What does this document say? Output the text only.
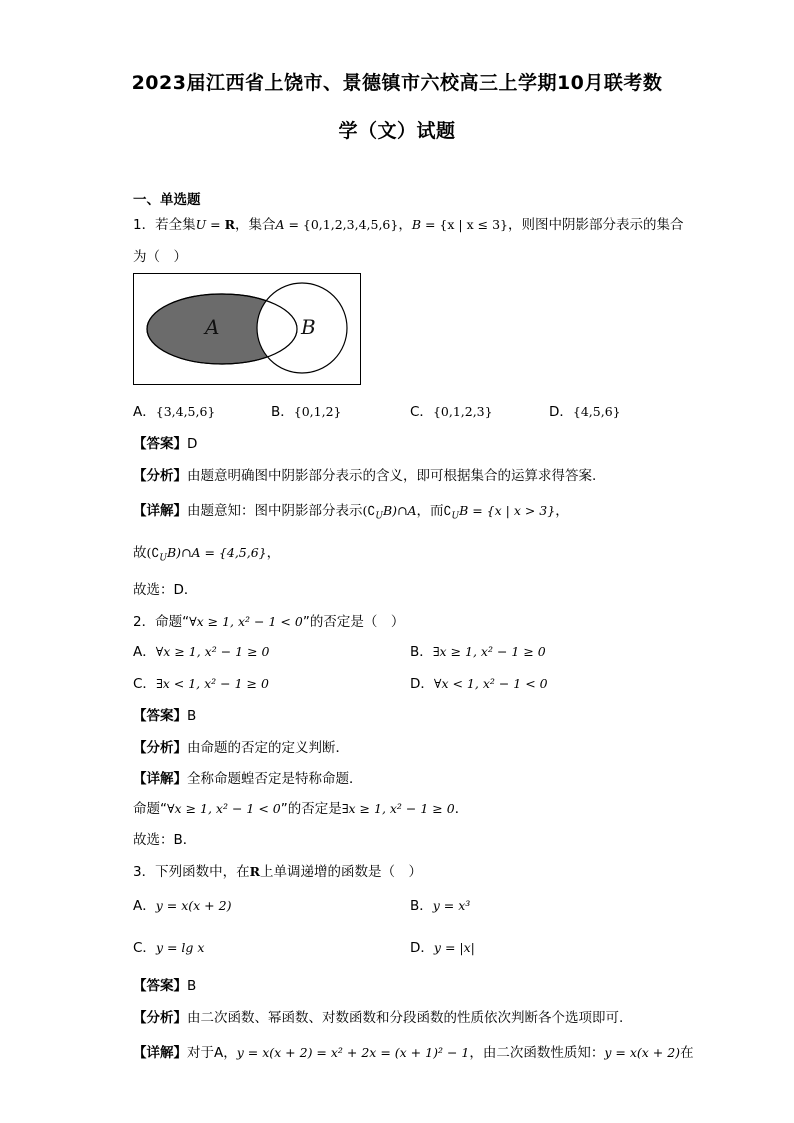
2023届江西省上饶市、景德镇市六校高三上学期10月联考数
学（文）试题
一、单选题
1．若全集U = R，集合A = {0,1,2,3,4,5,6}，B = {x | x ≤ 3}，则图中阴影部分表示的集合
为（　）
A	B
A．{3,4,5,6}	B．{0,1,2}	C．{0,1,2,3}	D．{4,5,6}
【答案】D
【分析】由题意明确图中阴影部分表示的含义，即可根据集合的运算求得答案.
【详解】由题意知：图中阴影部分表示$(∁_UB)\cap A$，而$∁_UB = \{x$ | x > 3}，
故$(∁_UB)\cap A = \{4,5,6\}$，
故选：D．
2．命题“∀x ≥ 1, x² − 1 < 0”的否定是（　）
A．∀x ≥ 1, x² − 1 ≥ 0	B．∃x ≥ 1, x² − 1 ≥ 0
C．∃x < 1, x² − 1 ≥ 0	D．∀x < 1, x² − 1 < 0
【答案】B
【分析】由命题的否定的定义判断．
【详解】全称命题蝗否定是特称命题．
命题“∀x ≥ 1, x² − 1 < 0”的否定是∃x ≥ 1, x² − 1 ≥ 0．
故选：B．
3．下列函数中，在R上单调递增的函数是（　）
A．y = x(x + 2)	B．y = x³
C．y = lg x	D．y = |x|
【答案】B
【分析】由二次函数、幂函数、对数函数和分段函数的性质依次判断各个选项即可.
【详解】对于A，y = x(x + 2) = x² + 2x = (x + 1)² − 1，由二次函数性质知：y = x(x + 2)在
